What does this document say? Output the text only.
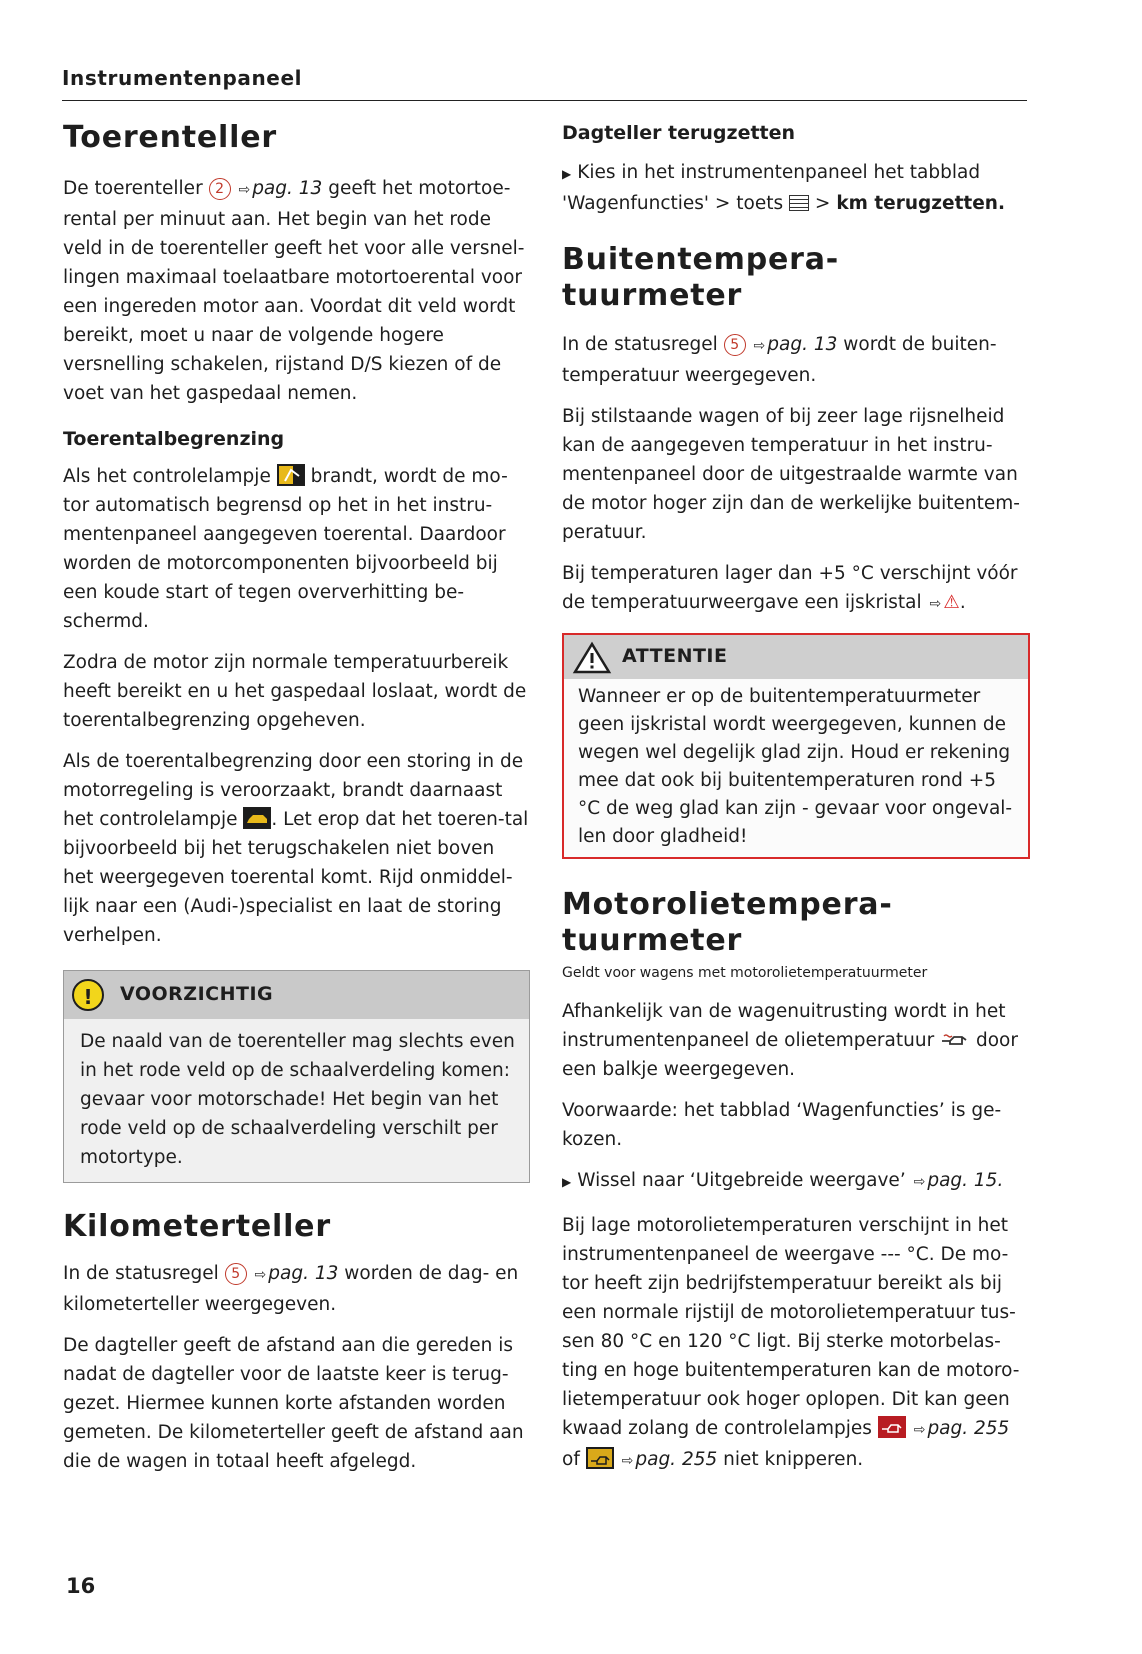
Instrumentenpaneel
Toerenteller

De toerenteller 2 ⇨ pag. 13 geeft het motortoe-rental per minuut aan. Het begin van het rode veld in de toerenteller geeft het voor alle versnel-lingen maximaal toelaatbare motortoerental voor een ingereden motor aan. Voordat dit veld wordt bereikt, moet u naar de volgende hogere versnelling schakelen, rijstand D/S kiezen of de voet van het gaspedaal nemen.

Toerentalbegrenzing

Als het controlelampje brandt, wordt de mo-tor automatisch begrensd op het in het instru-mentenpaneel aangegeven toerental. Daardoor worden de motorcomponenten bijvoorbeeld bij een koude start of tegen oververhitting be-schermd.

Zodra de motor zijn normale temperatuurbereik heeft bereikt en u het gaspedaal loslaat, wordt de toerentalbegrenzing opgeheven.

Als de toerentalbegrenzing door een storing in de motorregeling is veroorzaakt, brandt daarnaast het controlelampje . Let erop dat het toeren-tal bijvoorbeeld bij het terugschakelen niet boven het weergegeven toerental komt. Rijd onmiddel-lijk naar een (Audi-)specialist en laat de storing verhelpen.

!	VOORZICHTIG

De naald van de toerenteller mag slechts even in het rode veld op de schaalverdeling komen: gevaar voor motorschade! Het begin van het rode veld op de schaalverdeling verschilt per motortype.

Kilometerteller

In de statusregel 5 ⇨ pag. 13 worden de dag- en kilometerteller weergegeven.

De dagteller geeft de afstand aan die gereden is nadat de dagteller voor de laatste keer is terug-gezet. Hiermee kunnen korte afstanden worden gemeten. De kilometerteller geeft de afstand aan die de wagen in totaal heeft afgelegd.

Dagteller terugzetten

▶ Kies in het instrumentenpaneel het tabblad 'Wagenfuncties' > toets > km terugzetten.

Buitentempera-
tuurmeter

In de statusregel 5 ⇨ pag. 13 wordt de buiten-temperatuur weergegeven.

Bij stilstaande wagen of bij zeer lage rijsnelheid kan de aangegeven temperatuur in het instru-mentenpaneel door de uitgestraalde warmte van de motor hoger zijn dan de werkelijke buitentem-peratuur.

Bij temperaturen lager dan +5 °C verschijnt vóór de temperatuurweergave een ijskristal ⇨ ⚠.

ATTENTIE

Wanneer er op de buitentemperatuurmeter geen ijskristal wordt weergegeven, kunnen de wegen wel degelijk glad zijn. Houd er rekening mee dat ook bij buitentemperaturen rond +5 °C de weg glad kan zijn - gevaar voor ongeval-len door gladheid!

Motorolietempera-
tuurmeter
Geldt voor wagens met motorolietemperatuurmeter

Afhankelijk van de wagenuitrusting wordt in het instrumentenpaneel de olietemperatuur door een balkje weergegeven.

Voorwaarde: het tabblad ‘Wagenfuncties’ is ge-kozen.

▶ Wissel naar ‘Uitgebreide weergave’ ⇨ pag. 15.

Bij lage motorolietemperaturen verschijnt in het instrumentenpaneel de weergave --- °C. De mo-tor heeft zijn bedrijfstemperatuur bereikt als bij een normale rijstijl de motorolietemperatuur tus-sen 80 °C en 120 °C ligt. Bij sterke motorbelas-ting en hoge buitentemperaturen kan de motoro-lietemperatuur ook hoger oplopen. Dit kan geen kwaad zolang de controlelampjes	⇨ pag. 255 of	⇨ pag. 255 niet knipperen.

16
